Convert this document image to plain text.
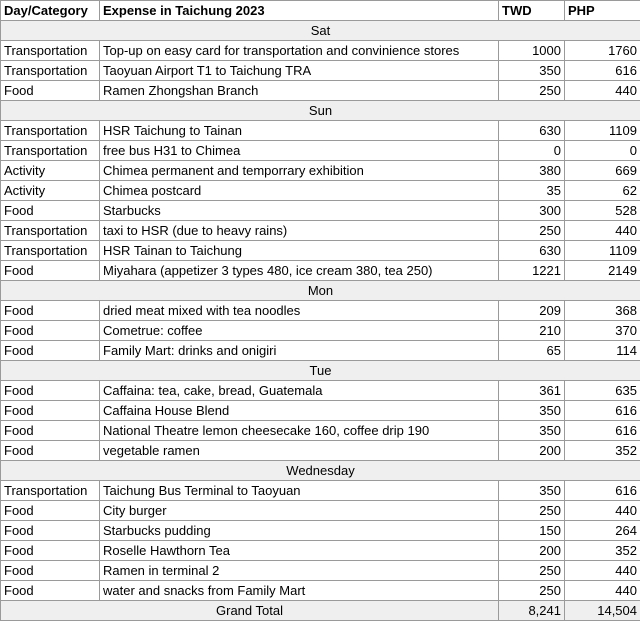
Day/Category	Expense in Taichung 2023	TWD	PHP
Sat			
Transportation	Top-up on easy card for transportation and convinience stores	1000	1760
Transportation	Taoyuan Airport T1 to Taichung TRA	350	616
Food	Ramen Zhongshan Branch	250	440
Sun			
Transportation	HSR Taichung to Tainan	630	1109
Transportation	free bus H31 to Chimea	0	0
Activity	Chimea permanent and temporrary exhibition	380	669
Activity	Chimea postcard	35	62
Food	Starbucks	300	528
Transportation	taxi to HSR (due to heavy rains)	250	440
Transportation	HSR Tainan to Taichung	630	1109
Food	Miyahara (appetizer 3 types 480, ice cream 380, tea 250)	1221	2149
Mon			
Food	dried meat mixed with tea noodles	209	368
Food	Cometrue: coffee	210	370
Food	Family Mart: drinks and onigiri	65	114
Tue			
Food	Caffaina: tea, cake, bread, Guatemala	361	635
Food	Caffaina House Blend	350	616
Food	National Theatre lemon cheesecake 160, coffee drip 190	350	616
Food	vegetable ramen	200	352
Wednesday			
Transportation	Taichung Bus Terminal to Taoyuan	350	616
Food	City burger	250	440
Food	Starbucks pudding	150	264
Food	Roselle Hawthorn Tea	200	352
Food	Ramen in terminal 2	250	440
Food	water and snacks from Family Mart	250	440
Grand Total		8,241	14,504
